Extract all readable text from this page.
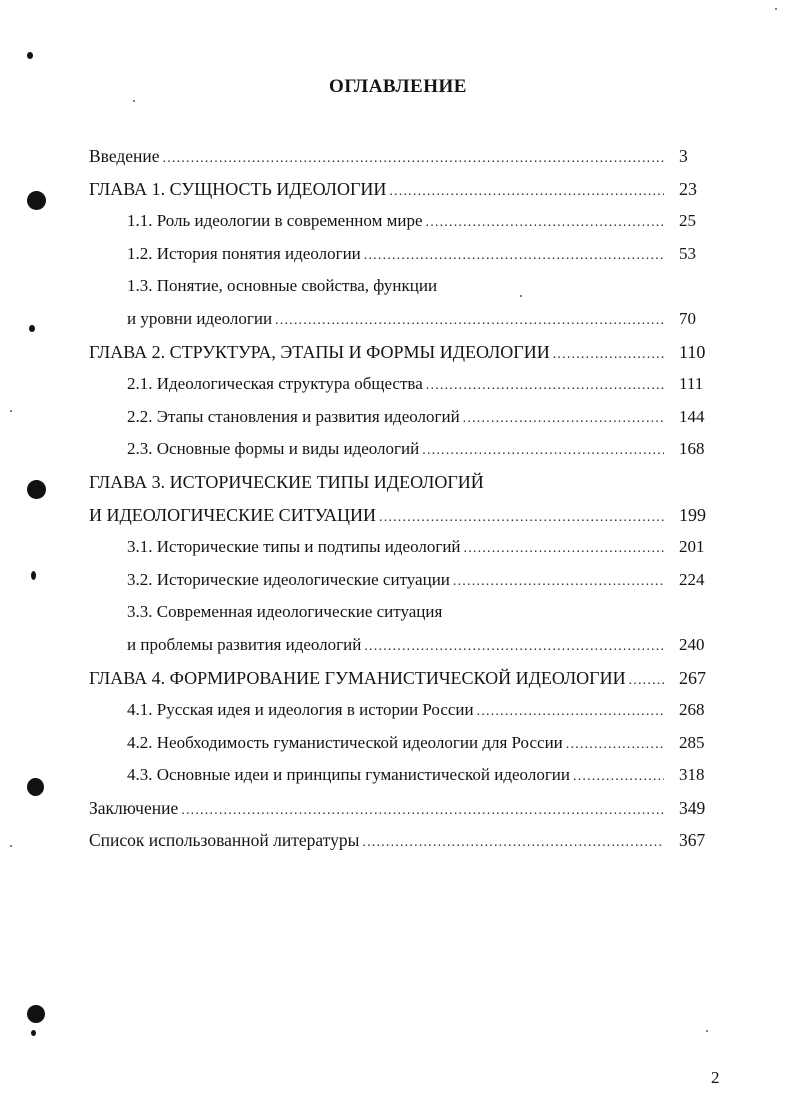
ОГЛАВЛЕНИЕ
Введение .....	3
ГЛАВА 1. СУЩНОСТЬ ИДЕОЛОГИИ .....	23
1.1. Роль идеологии в современном мире .....	25
1.2. История понятия идеологии .....	53
1.3. Понятие, основные свойства, функции
и уровни идеологии .....	70
ГЛАВА 2. СТРУКТУРА, ЭТАПЫ И ФОРМЫ ИДЕОЛОГИИ .....	110
2.1. Идеологическая структура общества .....	111
2.2. Этапы становления и развития идеологий .....	144
2.3. Основные формы и виды идеологий .....	168
ГЛАВА 3. ИСТОРИЧЕСКИЕ ТИПЫ ИДЕОЛОГИЙ
И ИДЕОЛОГИЧЕСКИЕ СИТУАЦИИ .....	199
3.1. Исторические типы и подтипы идеологий .....	201
3.2. Исторические идеологические ситуации .....	224
3.3. Современная идеологические ситуация
и проблемы развития идеологий .....	240
ГЛАВА 4. ФОРМИРОВАНИЕ ГУМАНИСТИЧЕСКОЙ ИДЕОЛОГИИ .....	267
4.1. Русская идея и идеология в истории России .....	268
4.2. Необходимость гуманистической идеологии для России .....	285
4.3. Основные идеи и принципы гуманистической идеологии .....	318
Заключение .....	349
Список использованной литературы .....	367
2
